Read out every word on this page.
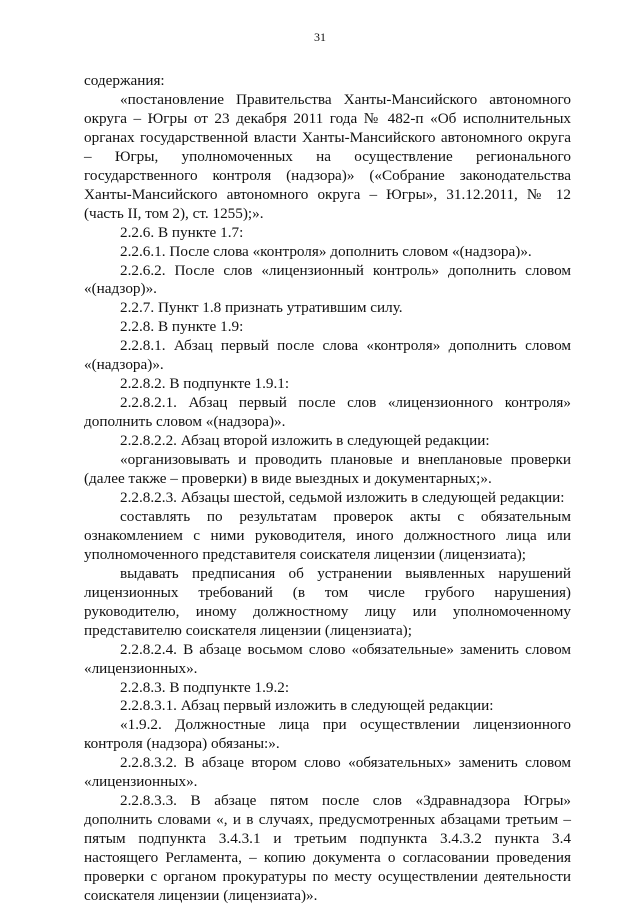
31

содержания:

«постановление Правительства Ханты-Мансийского автономного округа – Югры от 23 декабря 2011 года № 482-п «Об исполнительных органах государственной власти Ханты-Мансийского автономного округа – Югры, уполномоченных на осуществление регионального государственного контроля (надзора)» («Собрание законодательства Ханты-Мансийского автономного округа – Югры», 31.12.2011, № 12 (часть II, том 2), ст. 1255);».

2.2.6. В пункте 1.7:

2.2.6.1. После слова «контроля» дополнить словом «(надзора)».

2.2.6.2. После слов «лицензионный контроль» дополнить словом «(надзор)».

2.2.7. Пункт 1.8 признать утратившим силу.

2.2.8. В пункте 1.9:

2.2.8.1. Абзац первый после слова «контроля» дополнить словом «(надзора)».

2.2.8.2. В подпункте 1.9.1:

2.2.8.2.1. Абзац первый после слов «лицензионного контроля» дополнить словом «(надзора)».

2.2.8.2.2. Абзац второй изложить в следующей редакции:

«организовывать и проводить плановые и внеплановые проверки (далее также – проверки) в виде выездных и документарных;».

2.2.8.2.3. Абзацы шестой, седьмой изложить в следующей редакции:

составлять по результатам проверок акты с обязательным ознакомлением с ними руководителя, иного должностного лица или уполномоченного представителя соискателя лицензии (лицензиата);

выдавать предписания об устранении выявленных нарушений лицензионных требований (в том числе грубого нарушения) руководителю, иному должностному лицу или уполномоченному представителю соискателя лицензии (лицензиата);

2.2.8.2.4. В абзаце восьмом слово «обязательные» заменить словом «лицензионных».

2.2.8.3. В подпункте 1.9.2:

2.2.8.3.1. Абзац первый изложить в следующей редакции:

«1.9.2. Должностные лица при осуществлении лицензионного контроля (надзора) обязаны:».

2.2.8.3.2. В абзаце втором слово «обязательных» заменить словом «лицензионных».

2.2.8.3.3. В абзаце пятом после слов «Здравнадзора Югры» дополнить словами «, и в случаях, предусмотренных абзацами третьим – пятым подпункта 3.4.3.1 и третьим подпункта 3.4.3.2 пункта 3.4 настоящего Регламента, – копию документа о согласовании проведения проверки с органом прокуратуры по месту осуществлении деятельности соискателя лицензии (лицензиата)».
